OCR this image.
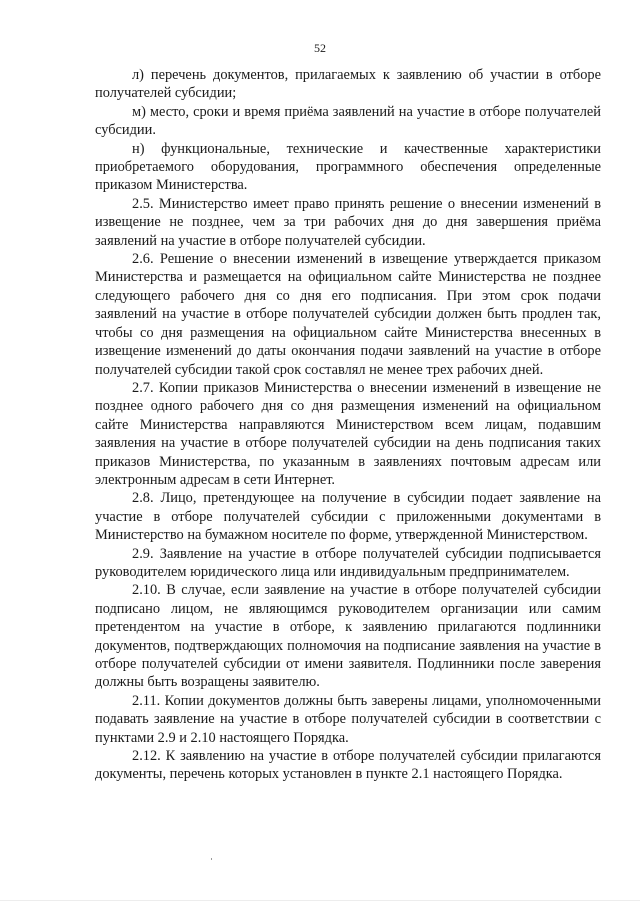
52

л) перечень документов, прилагаемых к заявлению об участии в отборе получателей субсидии;

м) место, сроки и время приёма заявлений на участие в отборе получателей субсидии.

н) функциональные, технические и качественные характеристики приобретаемого оборудования, программного обеспечения определенные приказом Министерства.

2.5. Министерство имеет право принять решение о внесении изменений в извещение не позднее, чем за три рабочих дня до дня завершения приёма заявлений на участие в отборе получателей субсидии.

2.6. Решение о внесении изменений в извещение утверждается приказом Министерства и размещается на официальном сайте Министерства не позднее следующего рабочего дня со дня его подписания. При этом срок подачи заявлений на участие в отборе получателей субсидии должен быть продлен так, чтобы со дня размещения на официальном сайте Министерства внесенных в извещение изменений до даты окончания подачи заявлений на участие в отборе получателей субсидии такой срок составлял не менее трех рабочих дней.

2.7. Копии приказов Министерства о внесении изменений в извещение не позднее одного рабочего дня со дня размещения изменений на официальном сайте Министерства направляются Министерством всем лицам, подавшим заявления на участие в отборе получателей субсидии на день подписания таких приказов Министерства, по указанным в заявлениях почтовым адресам или электронным адресам в сети Интернет.

2.8. Лицо, претендующее на получение в субсидии подает заявление на участие в отборе получателей субсидии с приложенными документами в Министерство на бумажном носителе по форме, утвержденной Министерством.

2.9. Заявление на участие в отборе получателей субсидии подписывается руководителем юридического лица или индивидуальным предпринимателем.

2.10. В случае, если заявление на участие в отборе получателей субсидии подписано лицом, не являющимся руководителем организации или самим претендентом на участие в отборе, к заявлению прилагаются подлинники документов, подтверждающих полномочия на подписание заявления на участие в отборе получателей субсидии от имени заявителя. Подлинники после заверения должны быть возращены заявителю.

2.11. Копии документов должны быть заверены лицами, уполномоченными подавать заявление на участие в отборе получателей субсидии в соответствии с пунктами 2.9 и 2.10 настоящего Порядка.

2.12. К заявлению на участие в отборе получателей субсидии прилагаются документы, перечень которых установлен в пункте 2.1 настоящего Порядка.
